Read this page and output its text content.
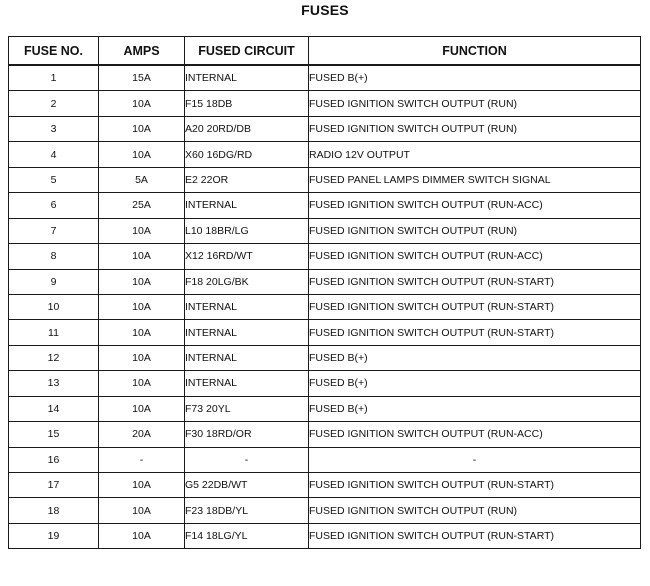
FUSES
FUSE NO.	AMPS	FUSED CIRCUIT	FUNCTION
1	15A	INTERNAL	FUSED B(+)
2	10A	F15 18DB	FUSED IGNITION SWITCH OUTPUT (RUN)
3	10A	A20 20RD/DB	FUSED IGNITION SWITCH OUTPUT (RUN)
4	10A	X60 16DG/RD	RADIO 12V OUTPUT
5	5A	E2 22OR	FUSED PANEL LAMPS DIMMER SWITCH SIGNAL
6	25A	INTERNAL	FUSED IGNITION SWITCH OUTPUT (RUN-ACC)
7	10A	L10 18BR/LG	FUSED IGNITION SWITCH OUTPUT (RUN)
8	10A	X12 16RD/WT	FUSED IGNITION SWITCH OUTPUT (RUN-ACC)
9	10A	F18 20LG/BK	FUSED IGNITION SWITCH OUTPUT (RUN-START)
10	10A	INTERNAL	FUSED IGNITION SWITCH OUTPUT (RUN-START)
11	10A	INTERNAL	FUSED IGNITION SWITCH OUTPUT (RUN-START)
12	10A	INTERNAL	FUSED B(+)
13	10A	INTERNAL	FUSED B(+)
14	10A	F73 20YL	FUSED B(+)
15	20A	F30 18RD/OR	FUSED IGNITION SWITCH OUTPUT (RUN-ACC)
16	-	-	-
17	10A	G5 22DB/WT	FUSED IGNITION SWITCH OUTPUT (RUN-START)
18	10A	F23 18DB/YL	FUSED IGNITION SWITCH OUTPUT (RUN)
19	10A	F14 18LG/YL	FUSED IGNITION SWITCH OUTPUT (RUN-START)
